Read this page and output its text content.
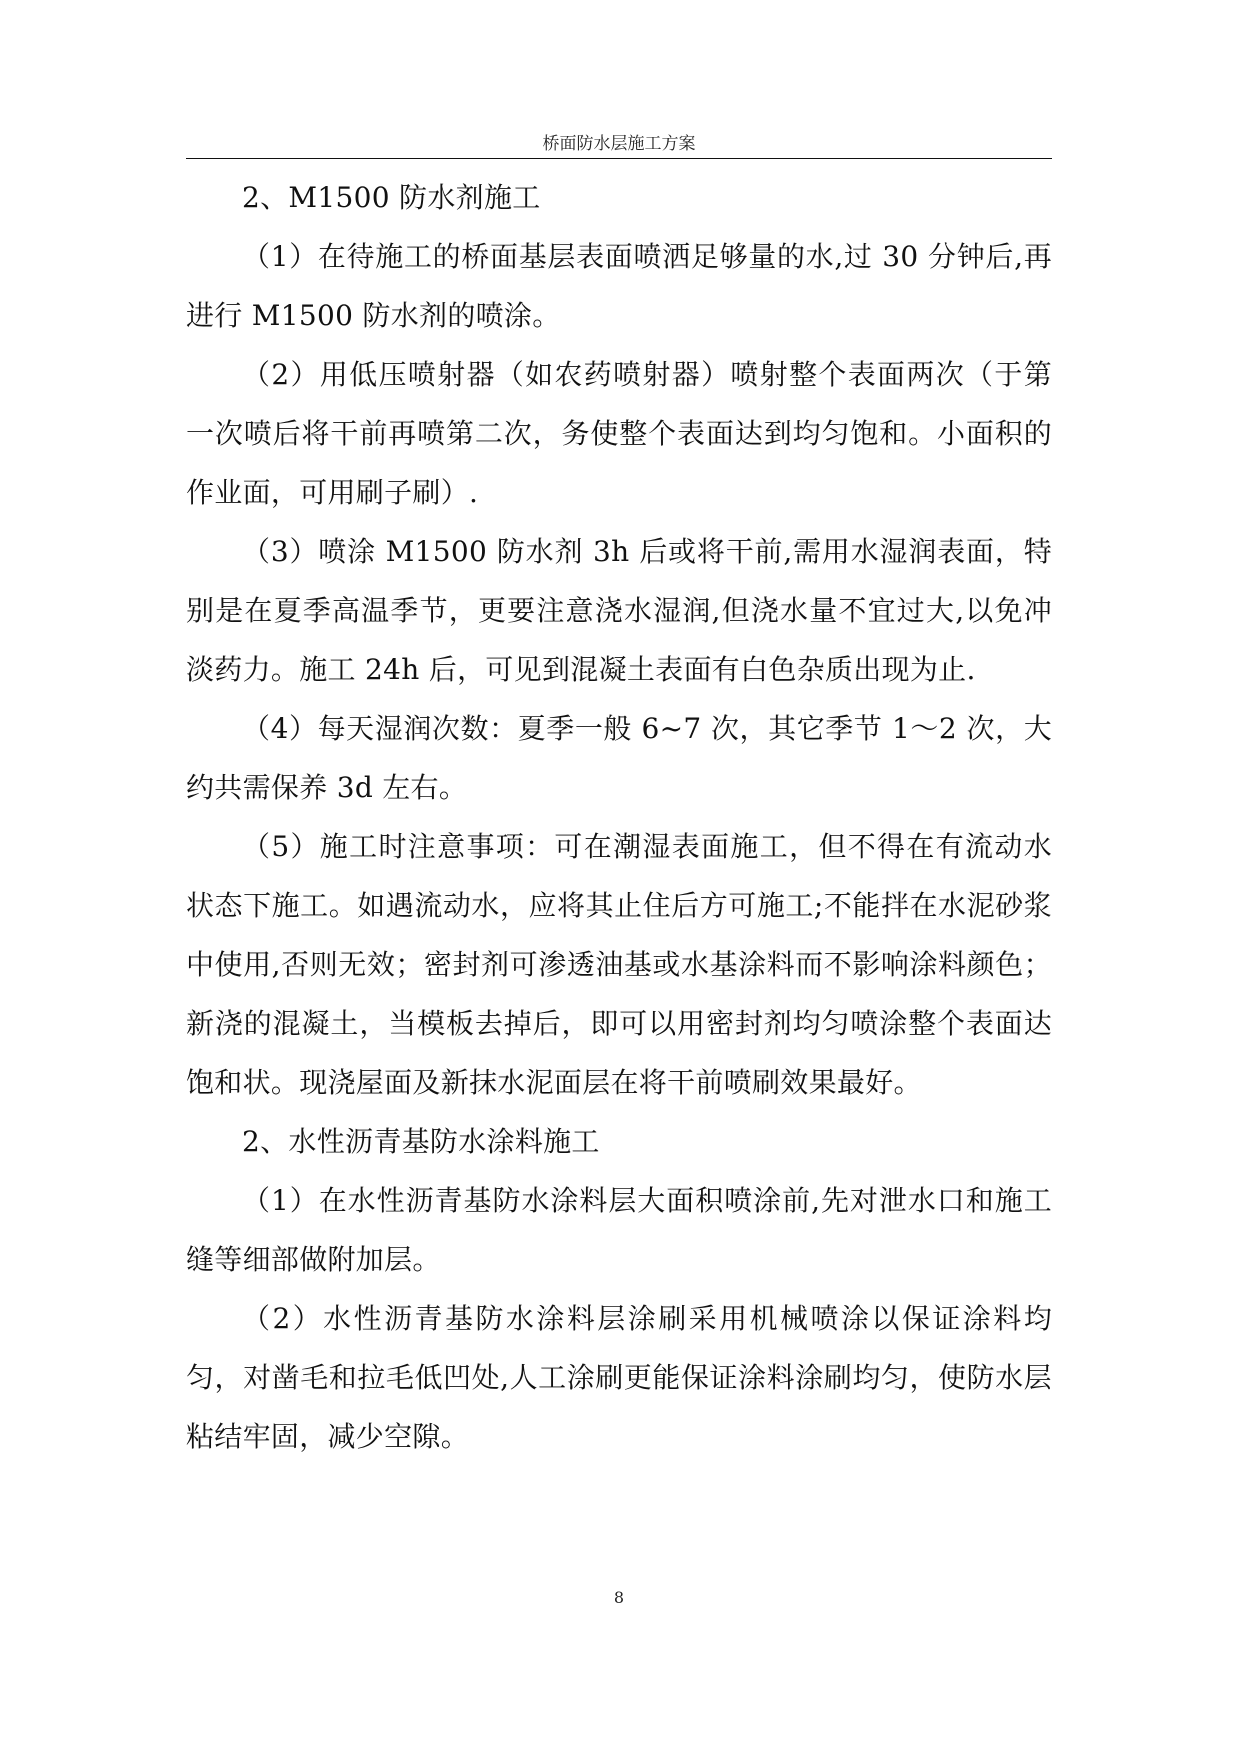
桥面防水层施工方案

2、M1500 防水剂施工

（1）在待施工的桥面基层表面喷洒足够量的水,过 30 分钟后,再进行 M1500 防水剂的喷涂。

（2）用低压喷射器（如农药喷射器）喷射整个表面两次（于第一次喷后将干前再喷第二次，务使整个表面达到均匀饱和。小面积的作业面，可用刷子刷）.

（3）喷涂 M1500 防水剂 3h 后或将干前,需用水湿润表面，特别是在夏季高温季节，更要注意浇水湿润,但浇水量不宜过大,以免冲淡药力。施工 24h 后，可见到混凝土表面有白色杂质出现为止.

（4）每天湿润次数：夏季一般 6~7 次，其它季节 1～2 次，大约共需保养 3d 左右。

（5）施工时注意事项：可在潮湿表面施工，但不得在有流动水状态下施工。如遇流动水，应将其止住后方可施工;不能拌在水泥砂浆中使用,否则无效；密封剂可渗透油基或水基涂料而不影响涂料颜色；新浇的混凝土，当模板去掉后，即可以用密封剂均匀喷涂整个表面达饱和状。现浇屋面及新抹水泥面层在将干前喷刷效果最好。

2、水性沥青基防水涂料施工

（1）在水性沥青基防水涂料层大面积喷涂前,先对泄水口和施工缝等细部做附加层。

（2）水性沥青基防水涂料层涂刷采用机械喷涂以保证涂料均匀，对凿毛和拉毛低凹处,人工涂刷更能保证涂料涂刷均匀，使防水层粘结牢固，减少空隙。

8
